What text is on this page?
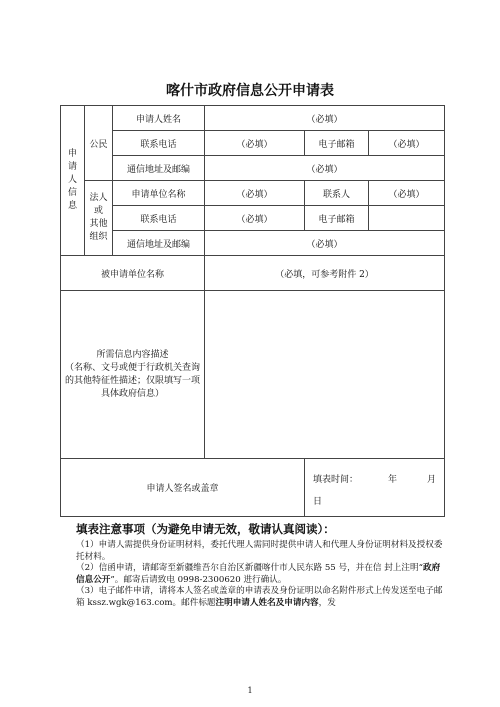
喀什市政府信息公开申请表
申
请
人
信
息	公民	申请人姓名	（必填）		
		联系电话	（必填）	电子邮箱	（必填）
		通信地址及邮编	（必填）		

	法人
或
其他
组织	申请单位名称	（必填）	联系人	（必填）
		联系电话	（必填）	电子邮箱	
		通信地址及邮编	（必填）		
被申请单位名称			（必填，可参考附件 2）		

所需信息内容描述
（名称、文号或便于行政机关查询的其他特征性描述；仅限填写一项具体政府信息）					

申请人签名或盖章				填表时间： 年 月
日	
填表注意事项（为避免申请无效，敬请认真阅读）：

（1）申请人需提供身份证明材料，委托代理人需同时提供申请人和代理人身份证明材料及授权委托材料。

（2）信函申请，请邮寄至新疆维吾尔自治区新疆喀什市人民东路 55 号，并在信 封上注明“政府信息公开”。邮寄后请致电 0998-2300620 进行确认。

（3）电子邮件申请，请将本人签名或盖章的申请表及身份证明以命名附件形式上传发送至电子邮箱 kssz.wgk@163.com。邮件标题注明申请人姓名及申请内容，发

1
